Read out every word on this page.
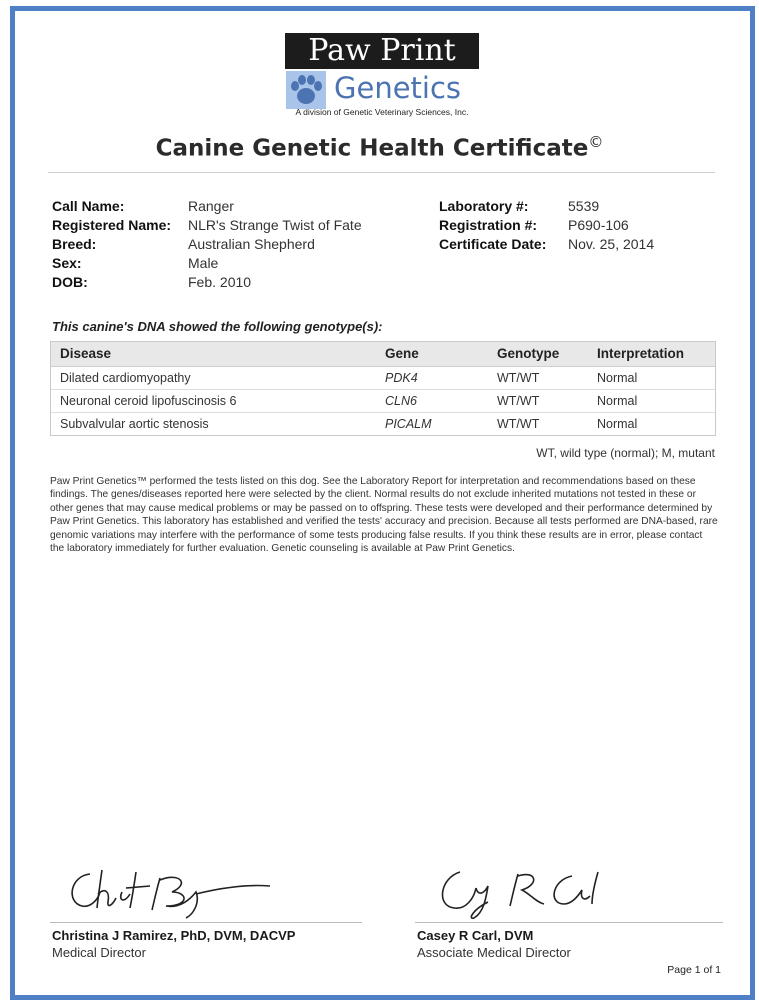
Paw Print
Genetics
A division of Genetic Veterinary Sciences, Inc.
Canine Genetic Health Certificate©
Call Name:	Ranger
Registered Name: NLR's Strange Twist of Fate
Breed:	Australian Shepherd
Sex:	Male
DOB:	Feb. 2010
Laboratory #:	5539
Registration #: P690-106
Certificate Date: Nov. 25, 2014
This canine's DNA showed the following genotype(s):
Disease	Gene	Genotype	Interpretation
Dilated cardiomyopathy	PDK4	WT/WT	Normal
Neuronal ceroid lipofuscinosis 6	CLN6	WT/WT	Normal
Subvalvular aortic stenosis	PICALM	WT/WT	Normal
WT, wild type (normal); M, mutant
Paw Print Genetics™ performed the tests listed on this dog. See the Laboratory Report for interpretation and recommendations based on these findings. The genes/diseases reported here were selected by the client. Normal results do not exclude inherited mutations not tested in these or other genes that may cause medical problems or may be passed on to offspring. These tests were developed and their performance determined by Paw Print Genetics. This laboratory has established and verified the tests' accuracy and precision. Because all tests performed are DNA-based, rare genomic variations may interfere with the performance of some tests producing false results. If you think these results are in error, please contact the laboratory immediately for further evaluation. Genetic counseling is available at Paw Print Genetics.
Christina J Ramirez, PhD, DVM, DACVP
Medical Director
Casey R Carl, DVM
Associate Medical Director
Page 1 of 1
